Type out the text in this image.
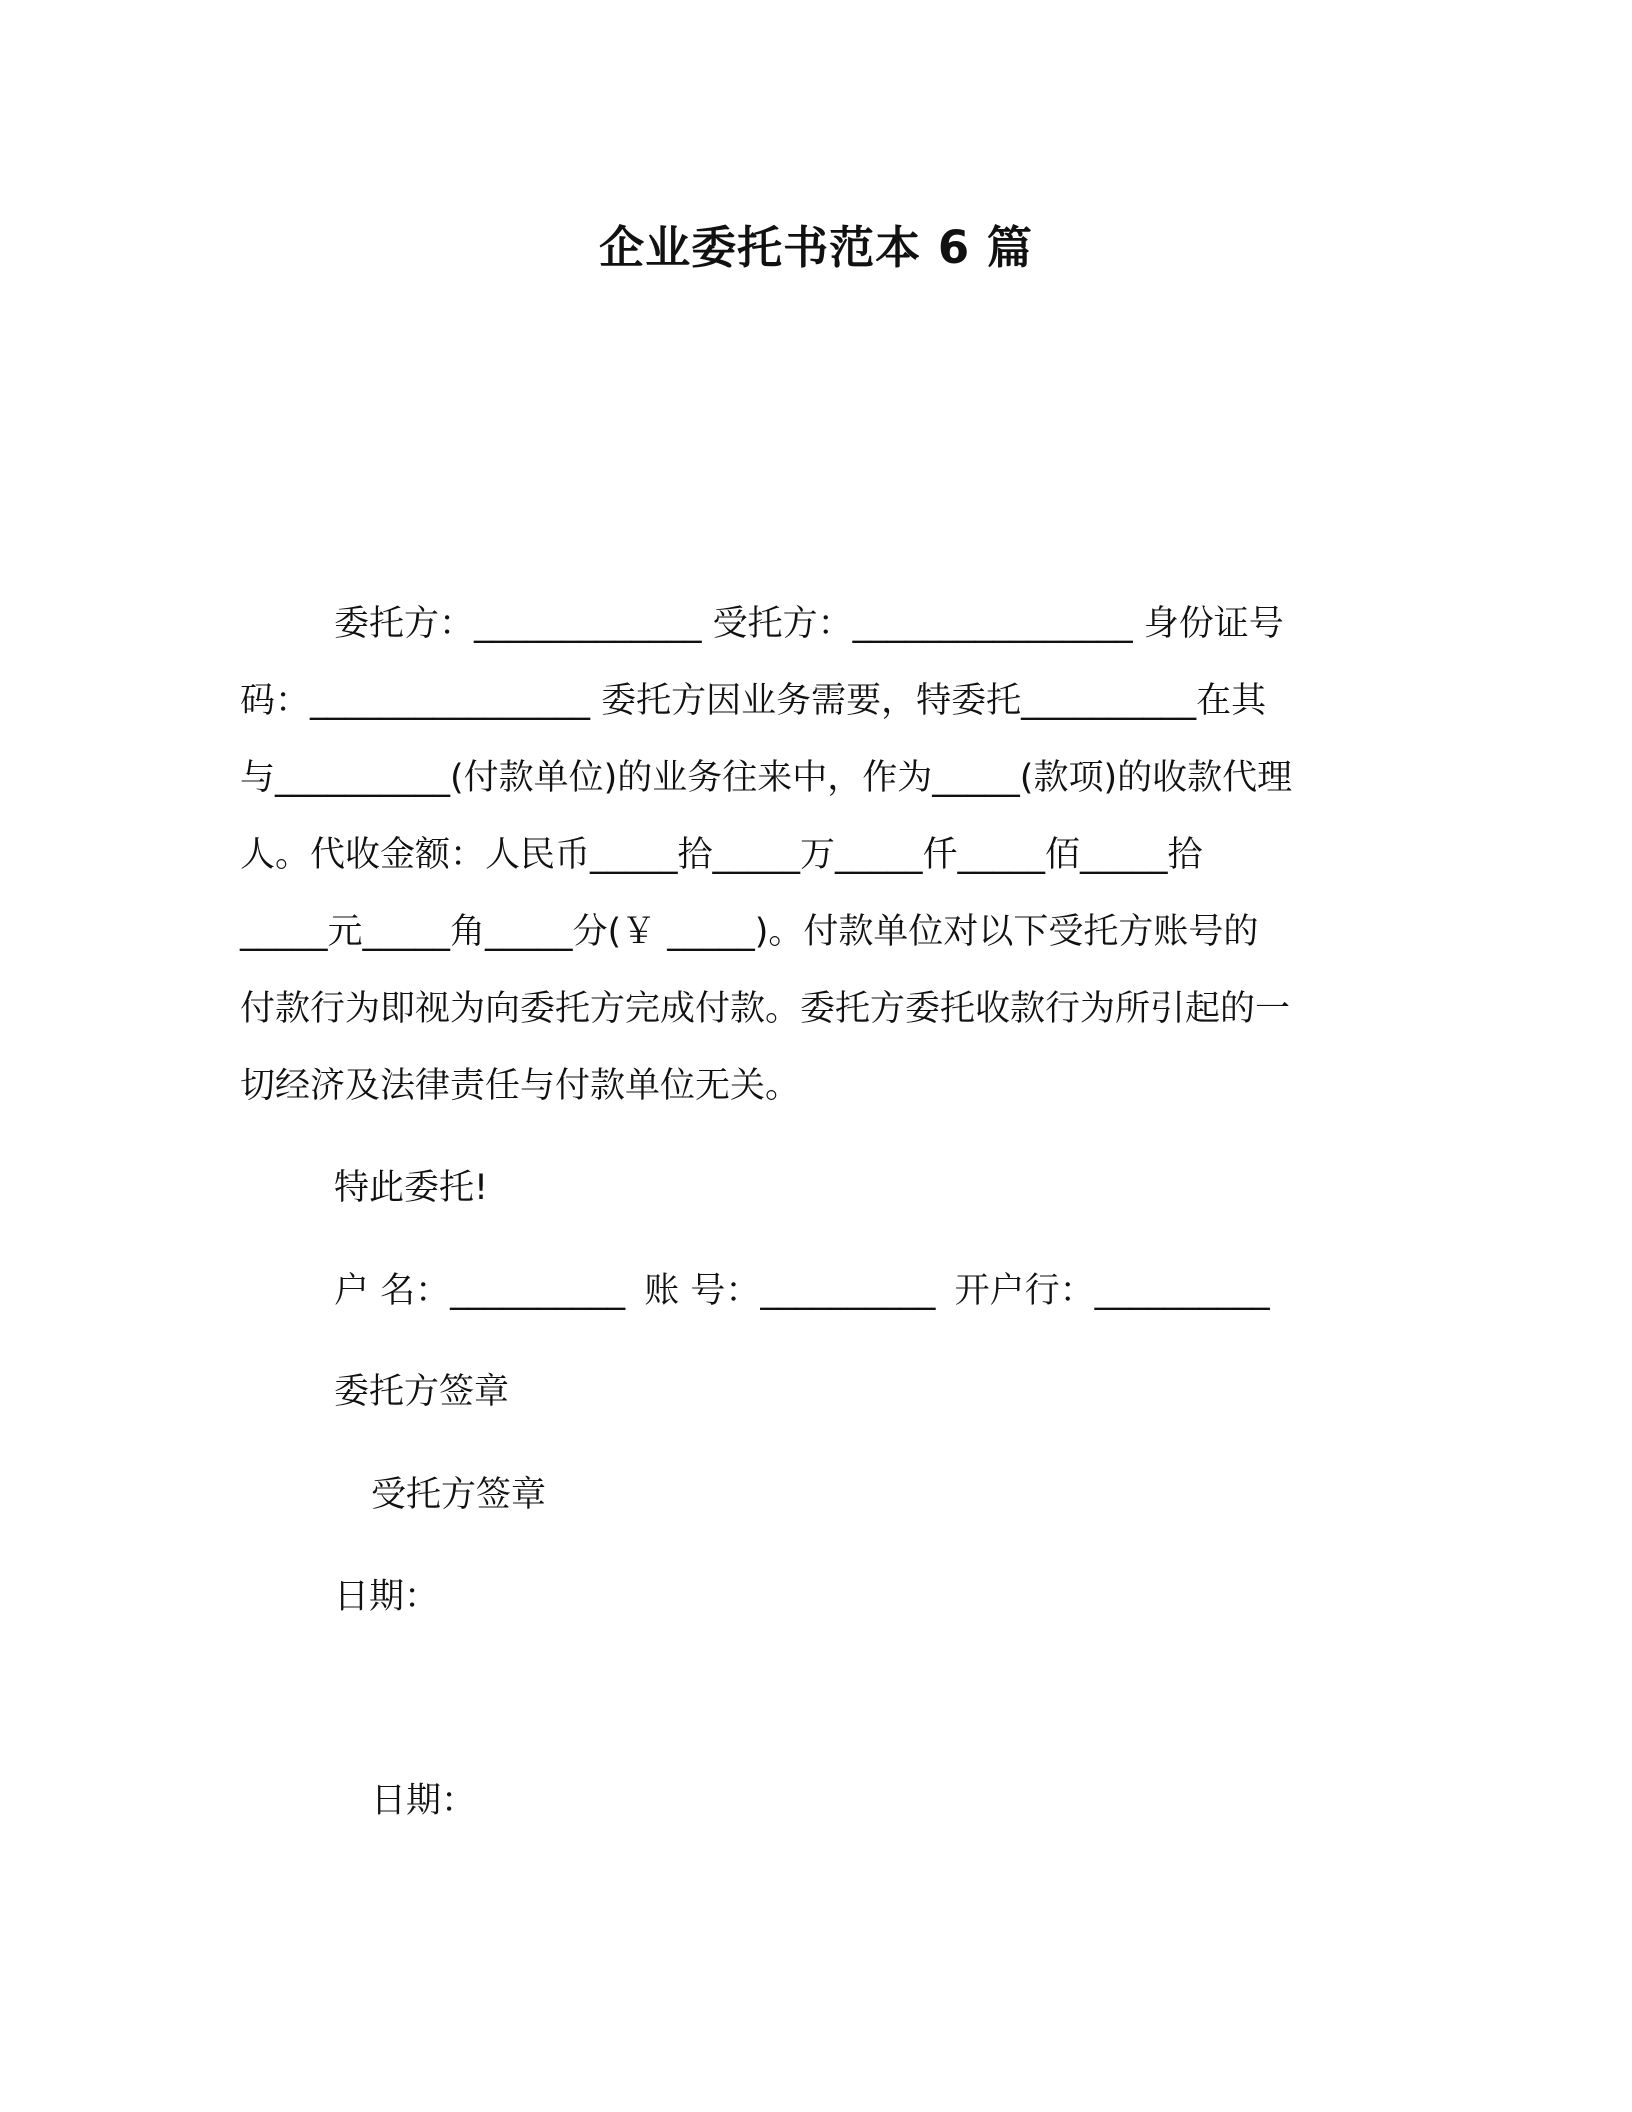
企业委托书范本 6 篇
委托方：_____________ 受托方：________________ 身份证号
码：________________ 委托方因业务需要，特委托__________在其
与__________(付款单位)的业务往来中，作为_____(款项)的收款代理
人。代收金额：人民币_____拾_____万_____仟_____佰_____拾
_____元_____角_____分(￥ _____)。付款单位对以下受托方账号的
付款行为即视为向委托方完成付款。委托方委托收款行为所引起的一
切经济及法律责任与付款单位无关。
特此委托!
户 名：__________ 账 号：__________ 开户行：__________
委托方签章
受托方签章
日期：
日期：
